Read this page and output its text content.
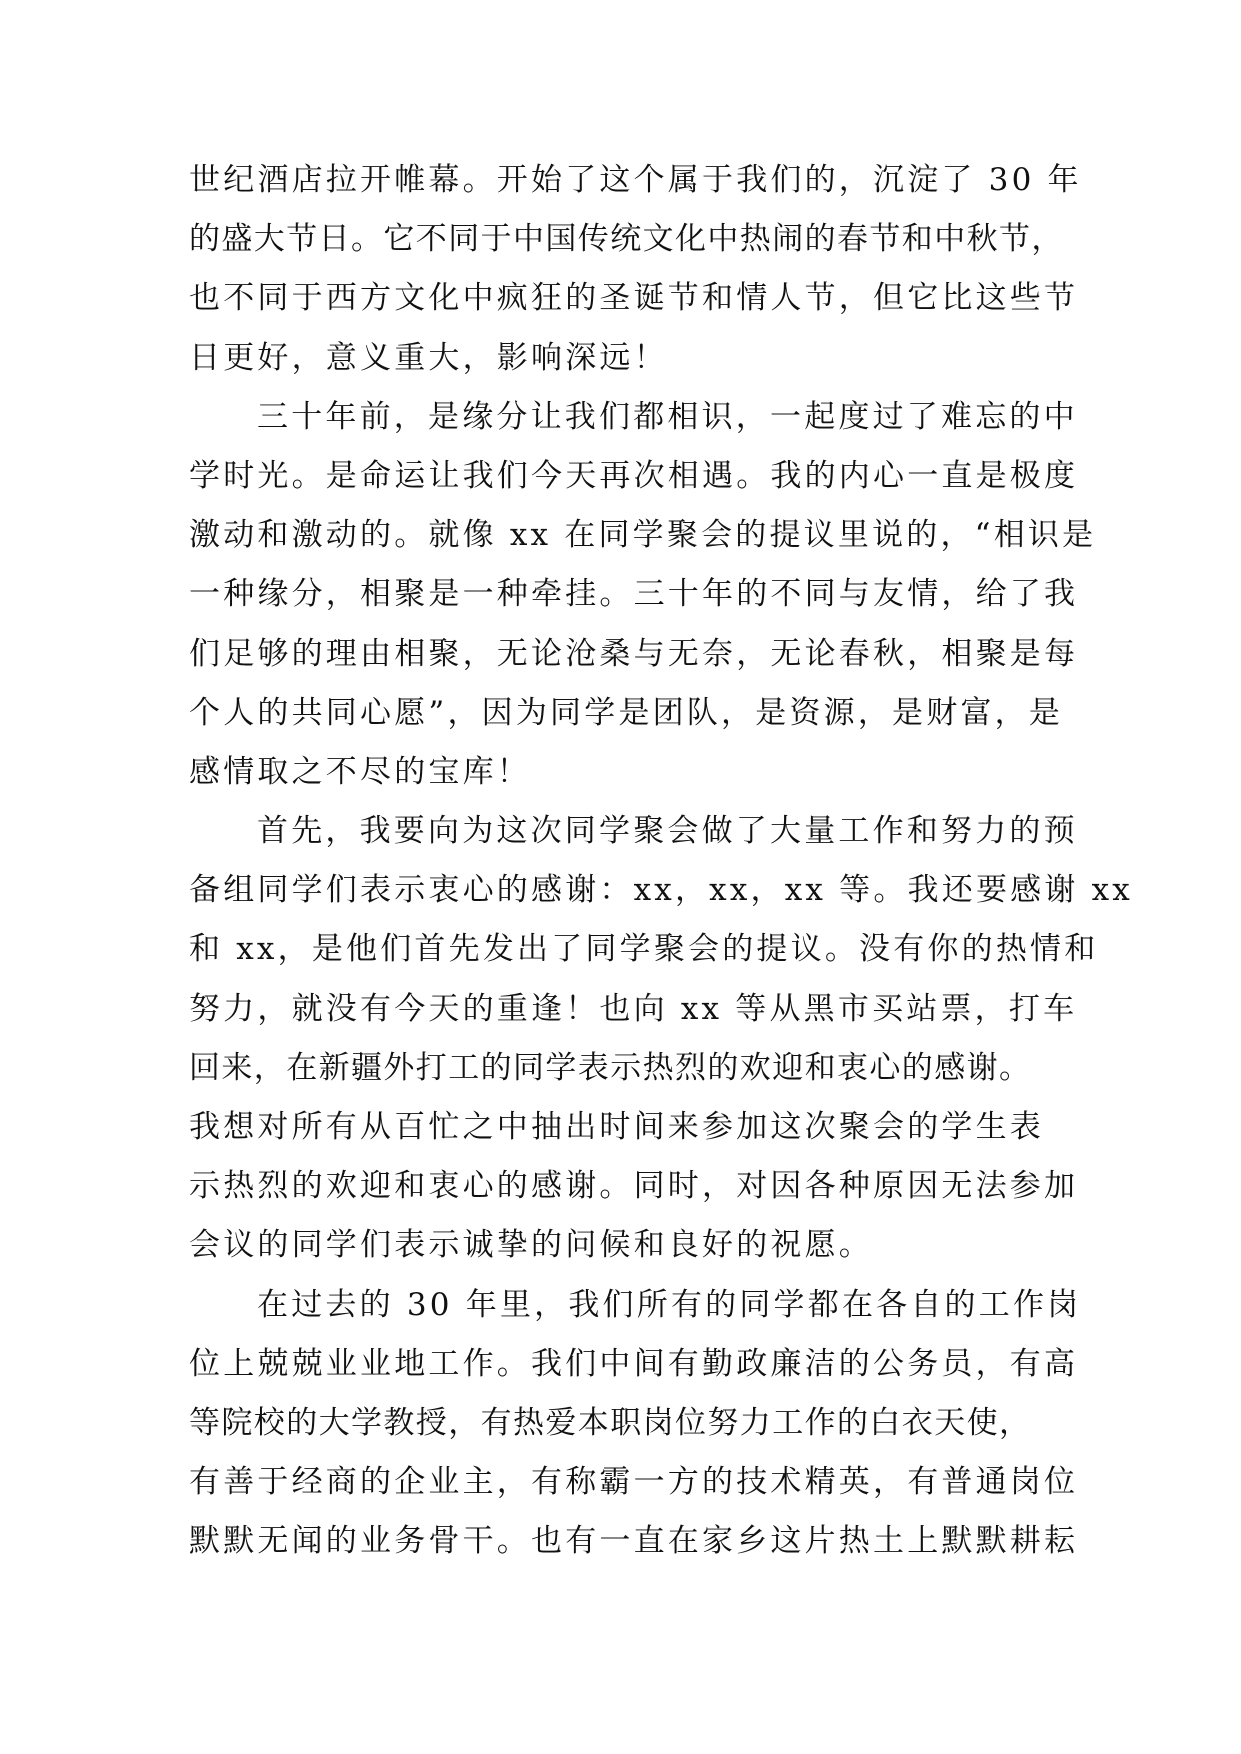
世纪酒店拉开帷幕。开始了这个属于我们的，沉淀了 30 年

的盛大节日。它不同于中国传统文化中热闹的春节和中秋节，

也不同于西方文化中疯狂的圣诞节和情人节，但它比这些节

日更好，意义重大，影响深远！

三十年前，是缘分让我们都相识，一起度过了难忘的中

学时光。是命运让我们今天再次相遇。我的内心一直是极度

激动和激动的。就像 xx 在同学聚会的提议里说的，“相识是

一种缘分，相聚是一种牵挂。三十年的不同与友情，给了我

们足够的理由相聚，无论沧桑与无奈，无论春秋，相聚是每

个人的共同心愿”，因为同学是团队，是资源，是财富，是

感情取之不尽的宝库！

首先，我要向为这次同学聚会做了大量工作和努力的预

备组同学们表示衷心的感谢：xx，xx，xx 等。我还要感谢 xx

和 xx，是他们首先发出了同学聚会的提议。没有你的热情和

努力，就没有今天的重逢！也向 xx 等从黑市买站票，打车

回来，在新疆外打工的同学表示热烈的欢迎和衷心的感谢。

我想对所有从百忙之中抽出时间来参加这次聚会的学生表

示热烈的欢迎和衷心的感谢。同时，对因各种原因无法参加

会议的同学们表示诚挚的问候和良好的祝愿。

在过去的 30 年里，我们所有的同学都在各自的工作岗

位上兢兢业业地工作。我们中间有勤政廉洁的公务员，有高

等院校的大学教授，有热爱本职岗位努力工作的白衣天使，

有善于经商的企业主，有称霸一方的技术精英，有普通岗位

默默无闻的业务骨干。也有一直在家乡这片热土上默默耕耘
